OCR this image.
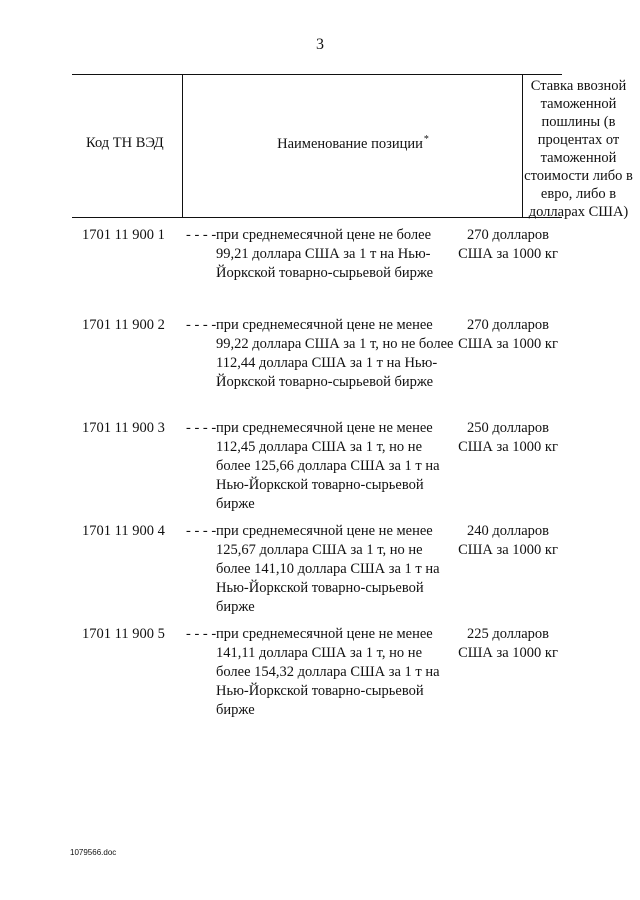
3
Код ТН ВЭД	Наименование позиции*
Ставка ввозной таможенной пошлины (в процентах от таможенной стоимости либо в евро, либо в долларах США)
1701 11 900 1 - - - - при среднемесячной цене не более 99,21 доллара США за 1 т на Нью-Йоркской товарно-сырьевой бирже
270 долларов США за 1000 кг
1701 11 900 2 - - - - при среднемесячной цене не менее 99,22 доллара США за 1 т, но не более 112,44 доллара США за 1 т на Нью-Йоркской товарно-сырьевой бирже
270 долларов США за 1000 кг
1701 11 900 3 - - - - при среднемесячной цене не менее 112,45 доллара США за 1 т, но не более 125,66 доллара США за 1 т на Нью-Йоркской товарно-сырьевой бирже
250 долларов США за 1000 кг
1701 11 900 4 - - - - при среднемесячной цене не менее 125,67 доллара США за 1 т, но не более 141,10 доллара США за 1 т на Нью-Йоркской товарно-сырьевой бирже
240 долларов США за 1000 кг
1701 11 900 5 - - - - при среднемесячной цене не менее 141,11 доллара США за 1 т, но не более 154,32 доллара США за 1 т на Нью-Йоркской товарно-сырьевой бирже
225 долларов США за 1000 кг
1079566.doc
